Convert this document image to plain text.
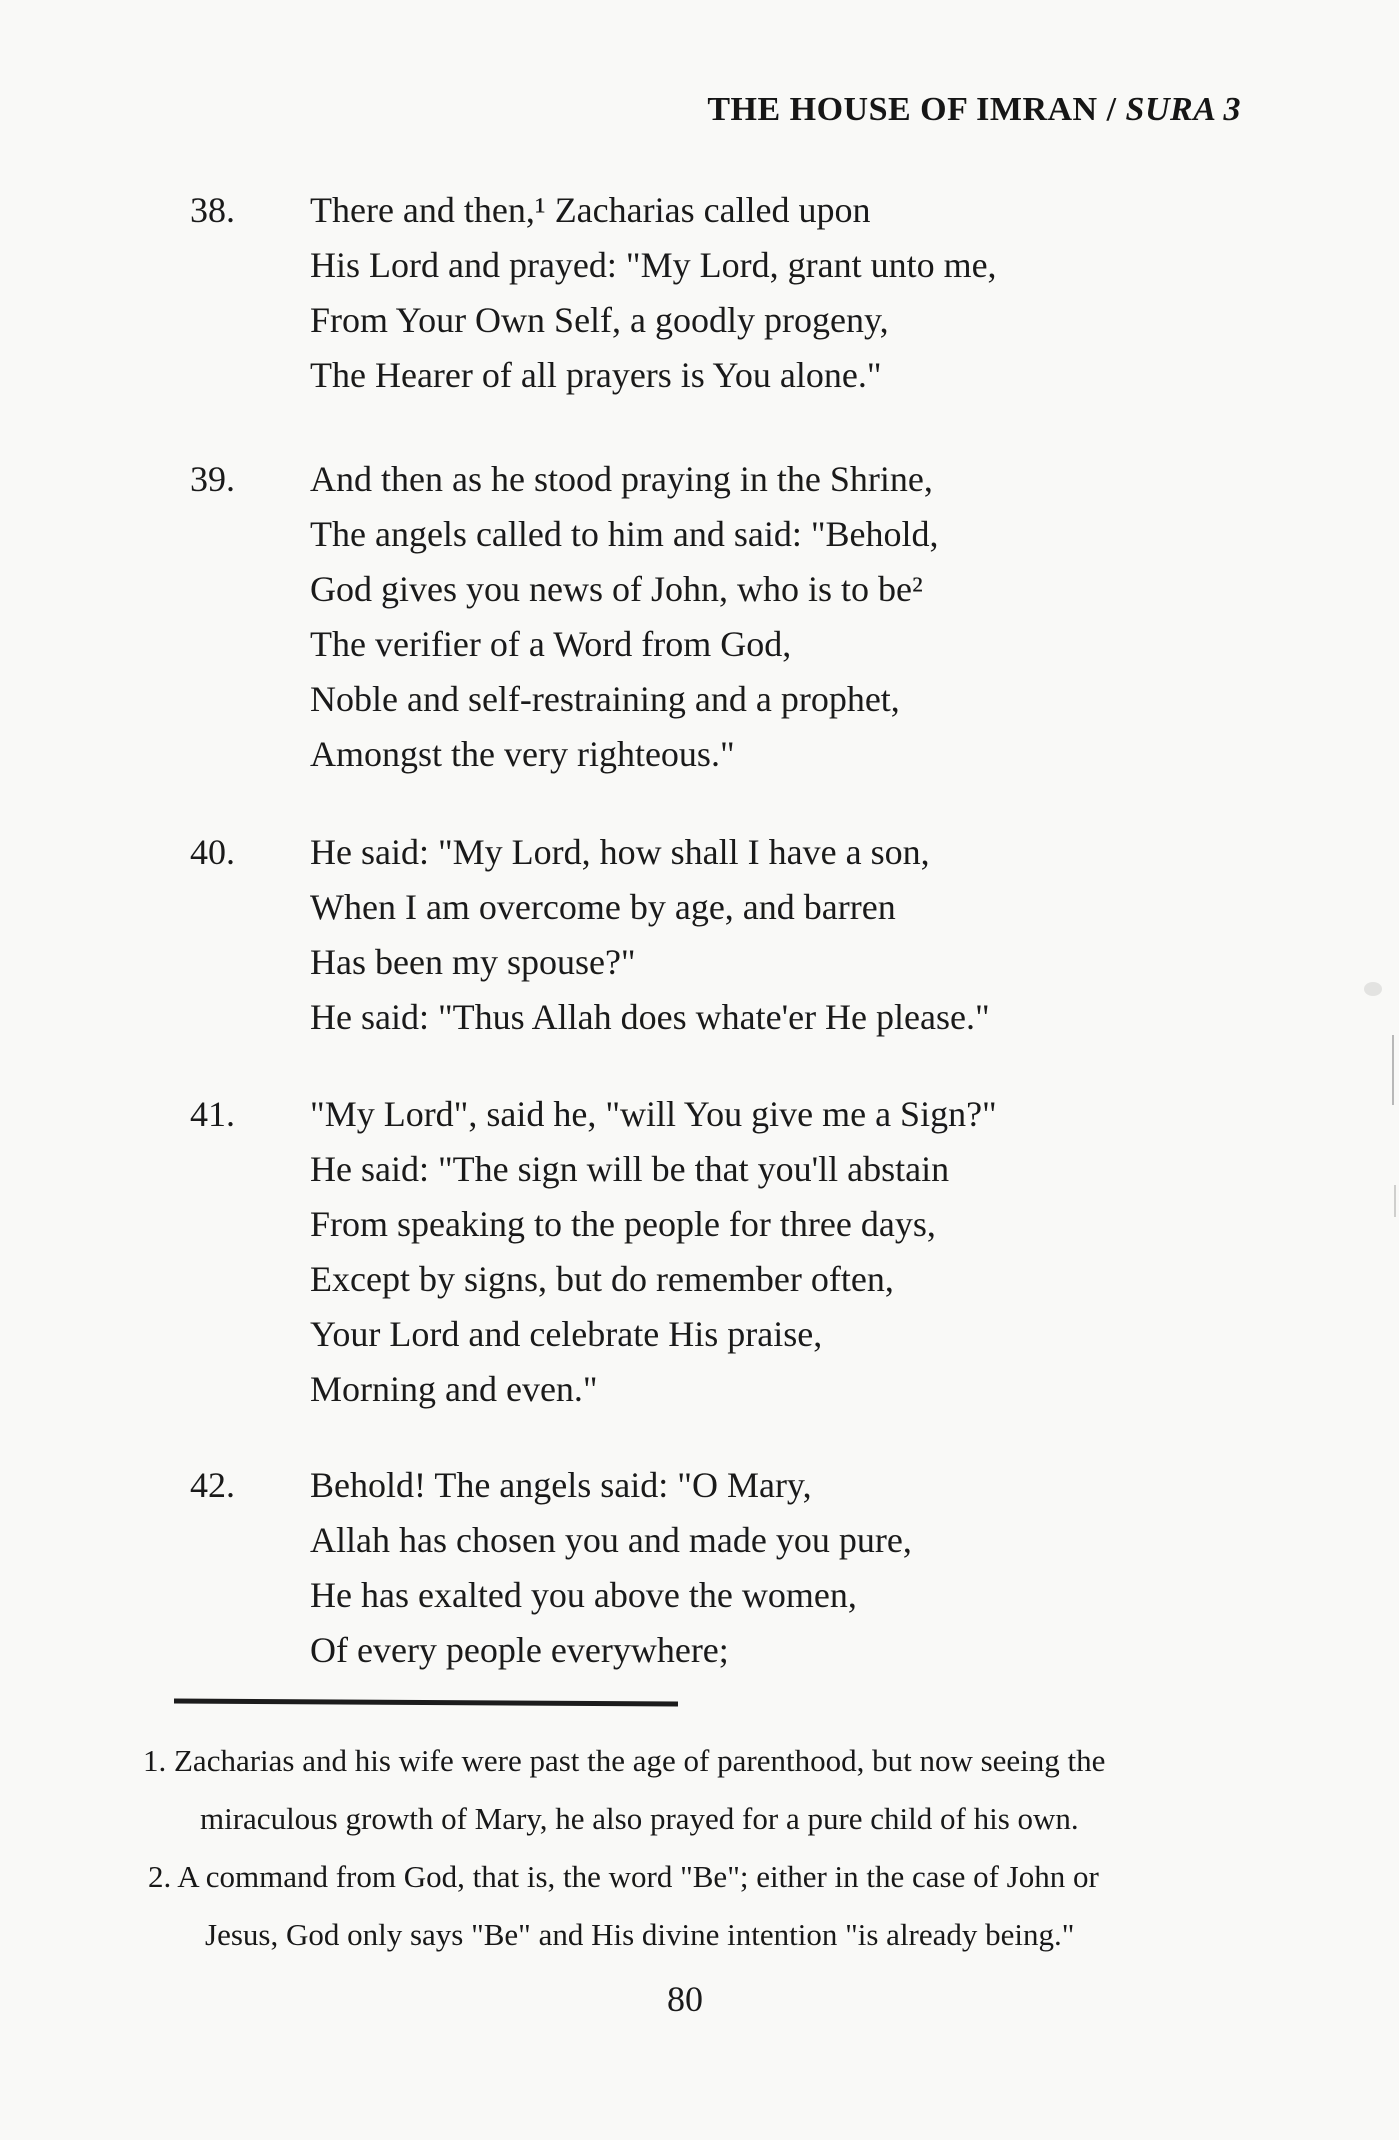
THE HOUSE OF IMRAN / SURA 3
38.	There and then,¹ Zacharias called upon
His Lord and prayed: "My Lord, grant unto me,
From Your Own Self, a goodly progeny,
The Hearer of all prayers is You alone."
39.	And then as he stood praying in the Shrine,
The angels called to him and said: "Behold,
God gives you news of John, who is to be²
The verifier of a Word from God,
Noble and self-restraining and a prophet,
Amongst the very righteous."
40.	He said: "My Lord, how shall I have a son,
When I am overcome by age, and barren
Has been my spouse?"
He said: "Thus Allah does whate'er He please."
41.	"My Lord", said he, "will You give me a Sign?"
He said: "The sign will be that you'll abstain
From speaking to the people for three days,
Except by signs, but do remember often,
Your Lord and celebrate His praise,
Morning and even."
42.	Behold! The angels said: "O Mary,
Allah has chosen you and made you pure,
He has exalted you above the women,
Of every people everywhere;
1. Zacharias and his wife were past the age of parenthood, but now seeing the
miraculous growth of Mary, he also prayed for a pure child of his own.
2. A command from God, that is, the word "Be"; either in the case of John or
Jesus, God only says "Be" and His divine intention "is already being."
80
